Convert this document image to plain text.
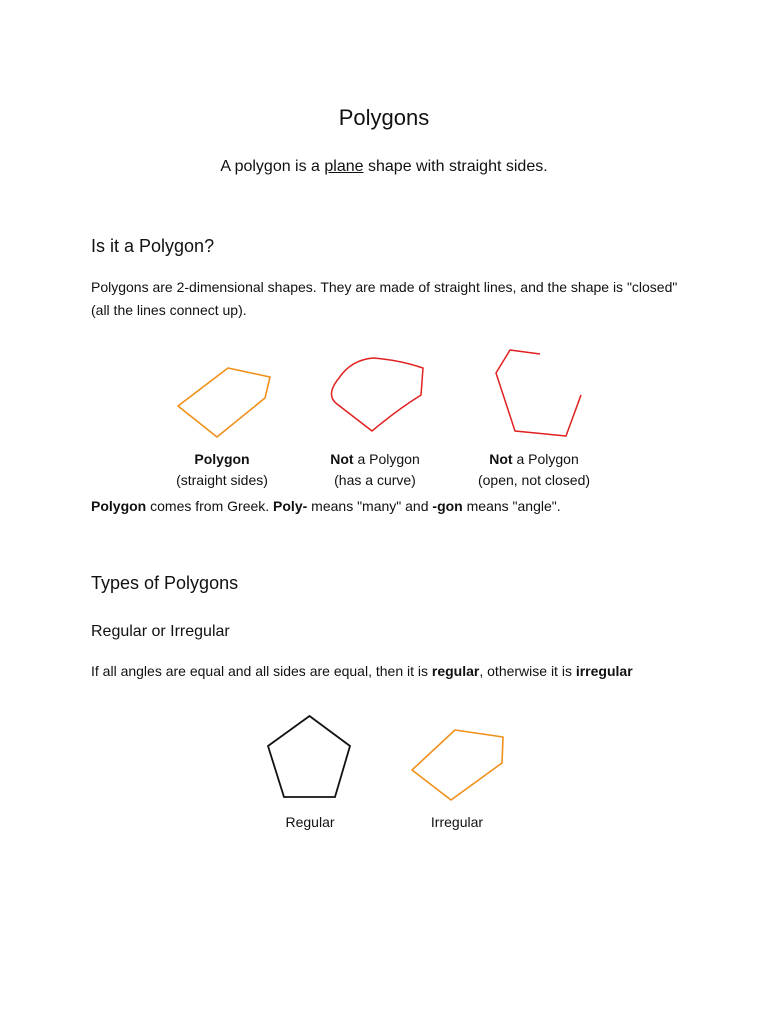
Polygons
A polygon is a plane shape with straight sides.
Is it a Polygon?
Polygons are 2-dimensional shapes. They are made of straight lines, and the shape is "closed" (all the lines connect up).
Polygon
(straight sides)
Not a Polygon
(has a curve)
Not a Polygon
(open, not closed)
Polygon comes from Greek. Poly- means "many" and -gon means "angle".
Types of Polygons
Regular or Irregular
If all angles are equal and all sides are equal, then it is regular, otherwise it is irregular
Regular	Irregular
